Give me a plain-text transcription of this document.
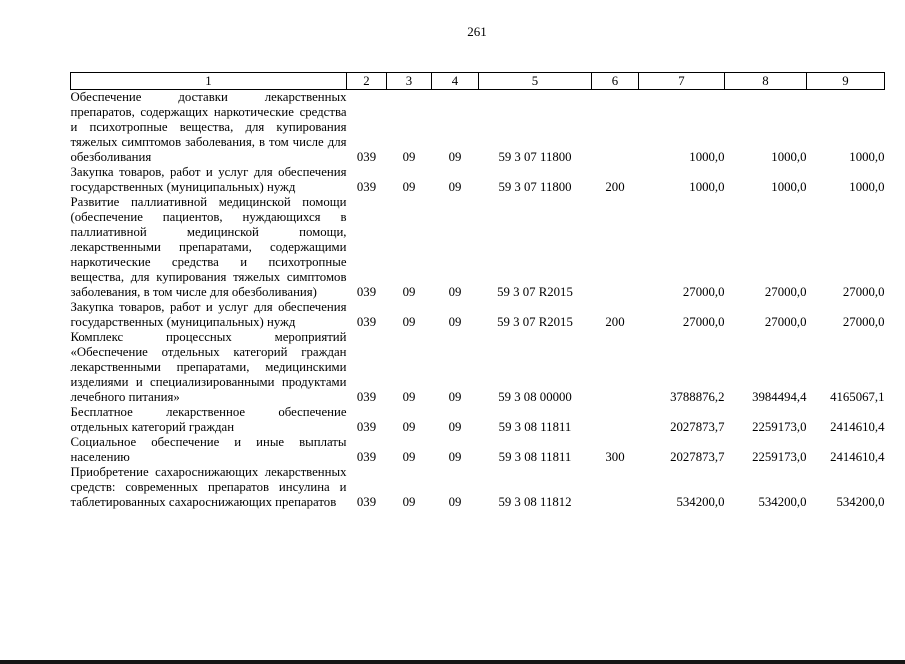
261
1	2	3	4	5	6	7	8	9
Обеспечение доставки лекарственных препаратов, содержащих наркотические средства и психотропные вещества, для купирования тяжелых симптомов заболевания, в том числе для обезболивания	039	09	09	59 3 07 11800		1000,0	1000,0	1000,0
Закупка товаров, работ и услуг для обеспечения государственных (муниципальных) нужд	039	09	09	59 3 07 11800	200	1000,0	1000,0	1000,0
Развитие паллиативной медицинской помощи (обеспечение пациентов, нуждающихся в паллиативной медицинской помощи, лекарственными препаратами, содержащими наркотические средства и психотропные вещества, для купирования тяжелых симптомов заболевания, в том числе для обезболивания)	039	09	09	59 3 07 R2015		27000,0	27000,0	27000,0
Закупка товаров, работ и услуг для обеспечения государственных (муниципальных) нужд	039	09	09	59 3 07 R2015	200	27000,0	27000,0	27000,0
Комплекс процессных мероприятий «Обеспечение отдельных категорий граждан лекарственными препаратами, медицинскими изделиями и специализированными продуктами лечебного питания»	039	09	09	59 3 08 00000		3788876,2	3984494,4	4165067,1
Бесплатное лекарственное обеспечение отдельных категорий граждан	039	09	09	59 3 08 11811		2027873,7	2259173,0	2414610,4
Социальное обеспечение и иные выплаты населению	039	09	09	59 3 08 11811	300	2027873,7	2259173,0	2414610,4
Приобретение сахароснижающих лекарственных средств: современных препаратов инсулина и таблетированных сахароснижающих препаратов	039	09	09	59 3 08 11812		534200,0	534200,0	534200,0
